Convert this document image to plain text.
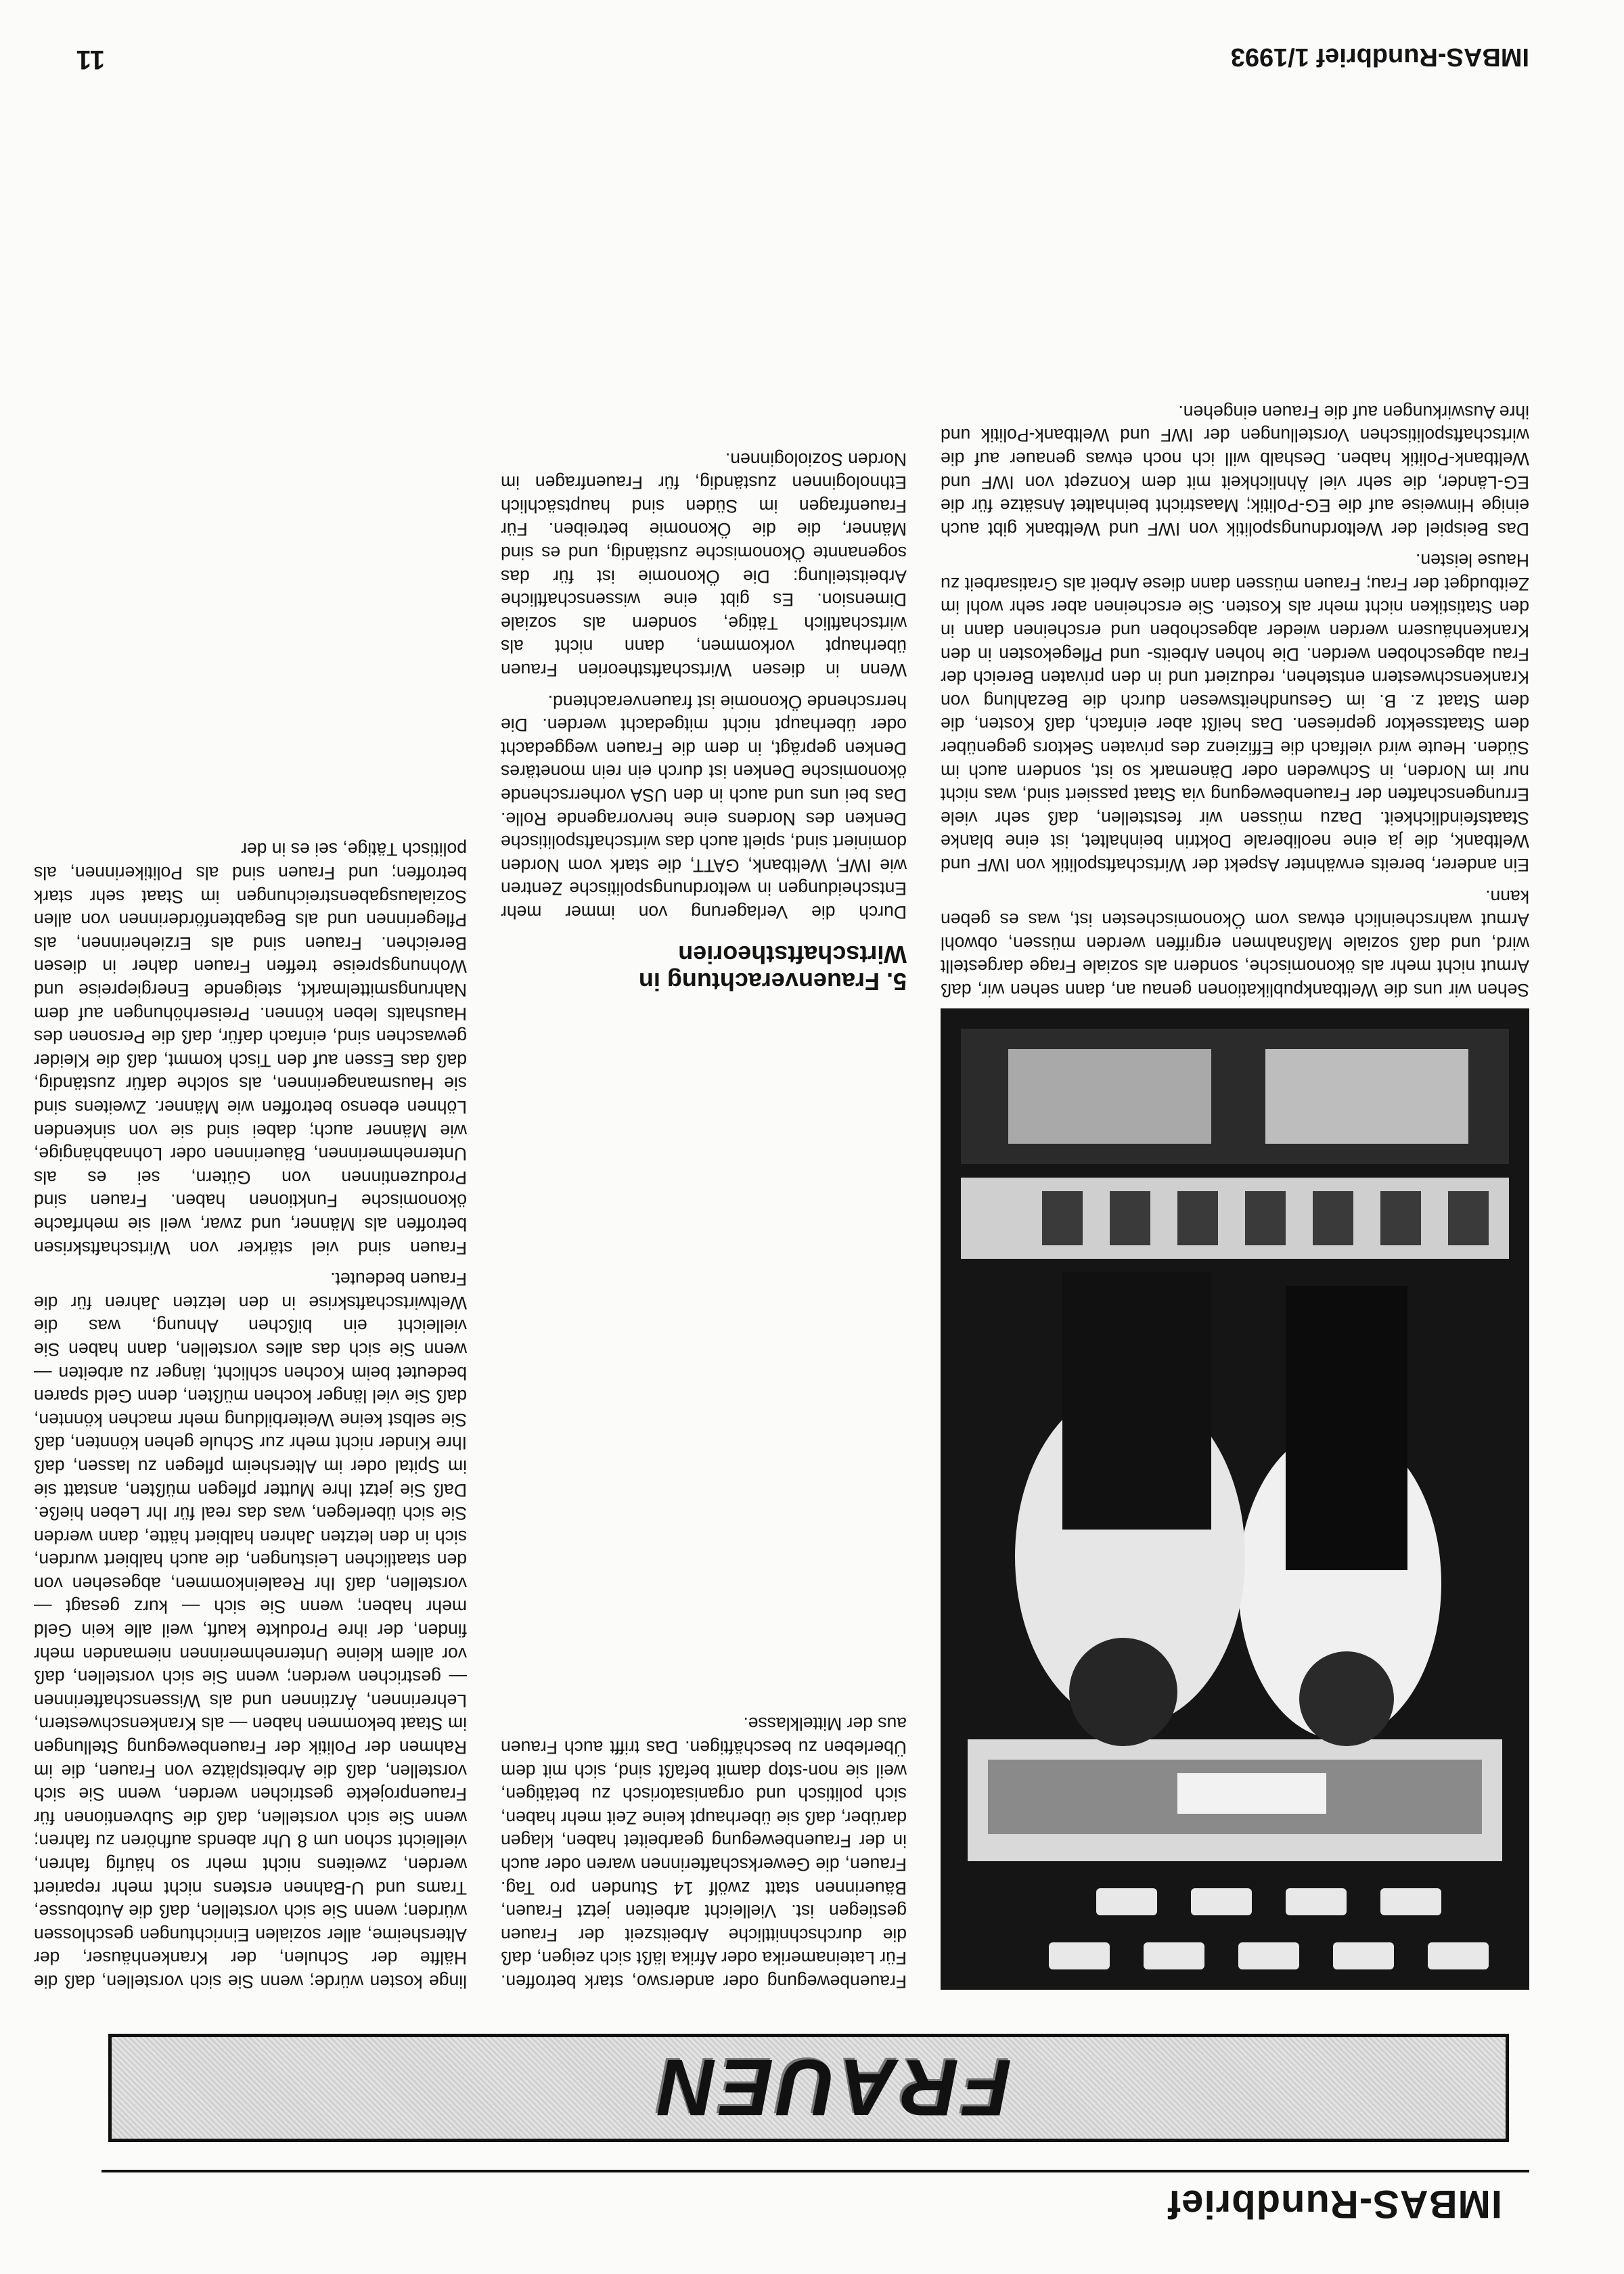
IMBAS-Rundbrief
FRAUEN

linge kosten würde; wenn Sie sich vorstellen, daß die Hälfte der Schulen, der Krankenhäuser, der Altersheime, aller sozialen Einrichtungen geschlossen würden; wenn Sie sich vorstellen, daß die Autobusse, Trams und U-Bahnen erstens nicht mehr repariert werden, zweitens nicht mehr so häufig fahren, vielleicht schon um 8 Uhr abends aufhören zu fahren; wenn Sie sich vorstellen, daß die Subventionen für Frauenprojekte gestrichen werden, wenn Sie sich vorstellen, daß die Arbeitsplätze von Frauen, die im Rahmen der Politik der Frauenbewegung Stellungen im Staat bekommen haben — als Krankenschwestern, Lehrerinnen, Ärztinnen und als Wissenschafterinnen — gestrichen werden; wenn Sie sich vorstellen, daß vor allem kleine Unternehmerinnen niemanden mehr finden, der ihre Produkte kauft, weil alle kein Geld mehr haben; wenn Sie sich — kurz gesagt — vorstellen, daß Ihr Realeinkommen, abgesehen von den staatlichen Leistungen, die auch halbiert wurden, sich in den letzten Jahren halbiert hätte, dann werden Sie sich überlegen, was das real für Ihr Leben hieße. Daß Sie jetzt Ihre Mutter pflegen müßten, anstatt sie im Spital oder im Altersheim pflegen zu lassen, daß Ihre Kinder nicht mehr zur Schule gehen könnten, daß Sie selbst keine Weiterbildung mehr machen könnten, daß Sie viel länger kochen müßten, denn Geld sparen bedeutet beim Kochen schlicht, länger zu arbeiten — wenn Sie sich das alles vorstellen, dann haben Sie vielleicht ein bißchen Ahnung, was die Weltwirtschaftskrise in den letzten Jahren für die Frauen bedeutet.

Frauen sind viel stärker von Wirtschaftskrisen betroffen als Männer, und zwar, weil sie mehrfache ökonomische Funktionen haben. Frauen sind Produzentinnen von Gütern, sei es als Unternehmerinnen, Bäuerinnen oder Lohnabhängige, wie Männer auch; dabei sind sie von sinkenden Löhnen ebenso betroffen wie Männer. Zweitens sind sie Hausmanagerinnen, als solche dafür zuständig, daß das Essen auf den Tisch kommt, daß die Kleider gewaschen sind, einfach dafür, daß die Personen des Haushalts leben können. Preiserhöhungen auf dem Nahrungsmittelmarkt, steigende Energiepreise und Wohnungspreise treffen Frauen daher in diesen Bereichen. Frauen sind als Erzieherinnen, als Pflegerinnen und als Begabtenförderinnen von allen Sozialausgabenstreichungen im Staat sehr stark betroffen; und Frauen sind als Politikerinnen, als politisch Tätige, sei es in der

Frauenbewegung oder anderswo, stark betroffen. Für Lateinamerika oder Afrika läßt sich zeigen, daß die durchschnittliche Arbeitszeit der Frauen gestiegen ist. Vielleicht arbeiten jetzt Frauen, Bäuerinnen statt zwölf 14 Stunden pro Tag. Frauen, die Gewerkschafterinnen waren oder auch in der Frauenbewegung gearbeitet haben, klagen darüber, daß sie überhaupt keine Zeit mehr haben, sich politisch und organisatorisch zu betätigen, weil sie non-stop damit befaßt sind, sich mit dem Überleben zu beschäftigen. Das trifft auch Frauen aus der Mittelklasse.

5. Frauenverachtung in Wirtschaftstheorien

Durch die Verlagerung von immer mehr Entscheidungen in weltordnungspolitische Zentren wie IWF, Weltbank, GATT, die stark vom Norden dominiert sind, spielt auch das wirtschaftspolitische Denken des Nordens eine hervorragende Rolle. Das bei uns und auch in den USA vorherrschende ökonomische Denken ist durch ein rein monetäres Denken geprägt, in dem die Frauen weggedacht oder überhaupt nicht mitgedacht werden. Die herrschende Ökonomie ist frauenverachtend.

Wenn in diesen Wirtschaftstheorien Frauen überhaupt vorkommen, dann nicht als wirtschaftlich Tätige, sondern als soziale Dimension. Es gibt eine wissenschaftliche Arbeitsteilung: Die Ökonomie ist für das sogenannte Ökonomische zuständig, und es sind Männer, die die Ökonomie betreiben. Für Frauenfragen im Süden sind hauptsächlich Ethnologinnen zuständig, für Frauenfragen im Norden Soziologinnen.

Sehen wir uns die Weltbankpublikationen genau an, dann sehen wir, daß Armut nicht mehr als ökonomische, sondern als soziale Frage dargestellt wird, und daß soziale Maßnahmen ergriffen werden müssen, obwohl Armut wahrscheinlich etwas vom Ökonomischesten ist, was es geben kann.

Ein anderer, bereits erwähnter Aspekt der Wirtschaftspolitik von IWF und Weltbank, die ja eine neoliberale Doktrin beinhaltet, ist eine blanke Staatsfeindlichkeit. Dazu müssen wir feststellen, daß sehr viele Errungenschaften der Frauenbewegung via Staat passiert sind, was nicht nur im Norden, in Schweden oder Dänemark so ist, sondern auch im Süden. Heute wird vielfach die Effizienz des privaten Sektors gegenüber dem Staatssektor gepriesen. Das heißt aber einfach, daß Kosten, die dem Staat z. B. im Gesundheitswesen durch die Bezahlung von Krankenschwestern entstehen, reduziert und in den privaten Bereich der Frau abgeschoben werden. Die hohen Arbeits- und Pflegekosten in den Krankenhäusern werden wieder abgeschoben und erscheinen dann in den Statistiken nicht mehr als Kosten. Sie erscheinen aber sehr wohl im Zeitbudget der Frau; Frauen müssen dann diese Arbeit als Gratisarbeit zu Hause leisten.

Das Beispiel der Weltordnungspolitik von IWF und Weltbank gibt auch einige Hinweise auf die EG-Politik; Maastricht beinhaltet Ansätze für die EG-Länder, die sehr viel Ähnlichkeit mit dem Konzept von IWF und Weltbank-Politik haben. Deshalb will ich noch etwas genauer auf die wirtschaftspolitischen Vorstellungen der IWF und Weltbank-Politik und ihre Auswirkungen auf die Frauen eingehen.

IMBAS-Rundbrief 1/1993
11
